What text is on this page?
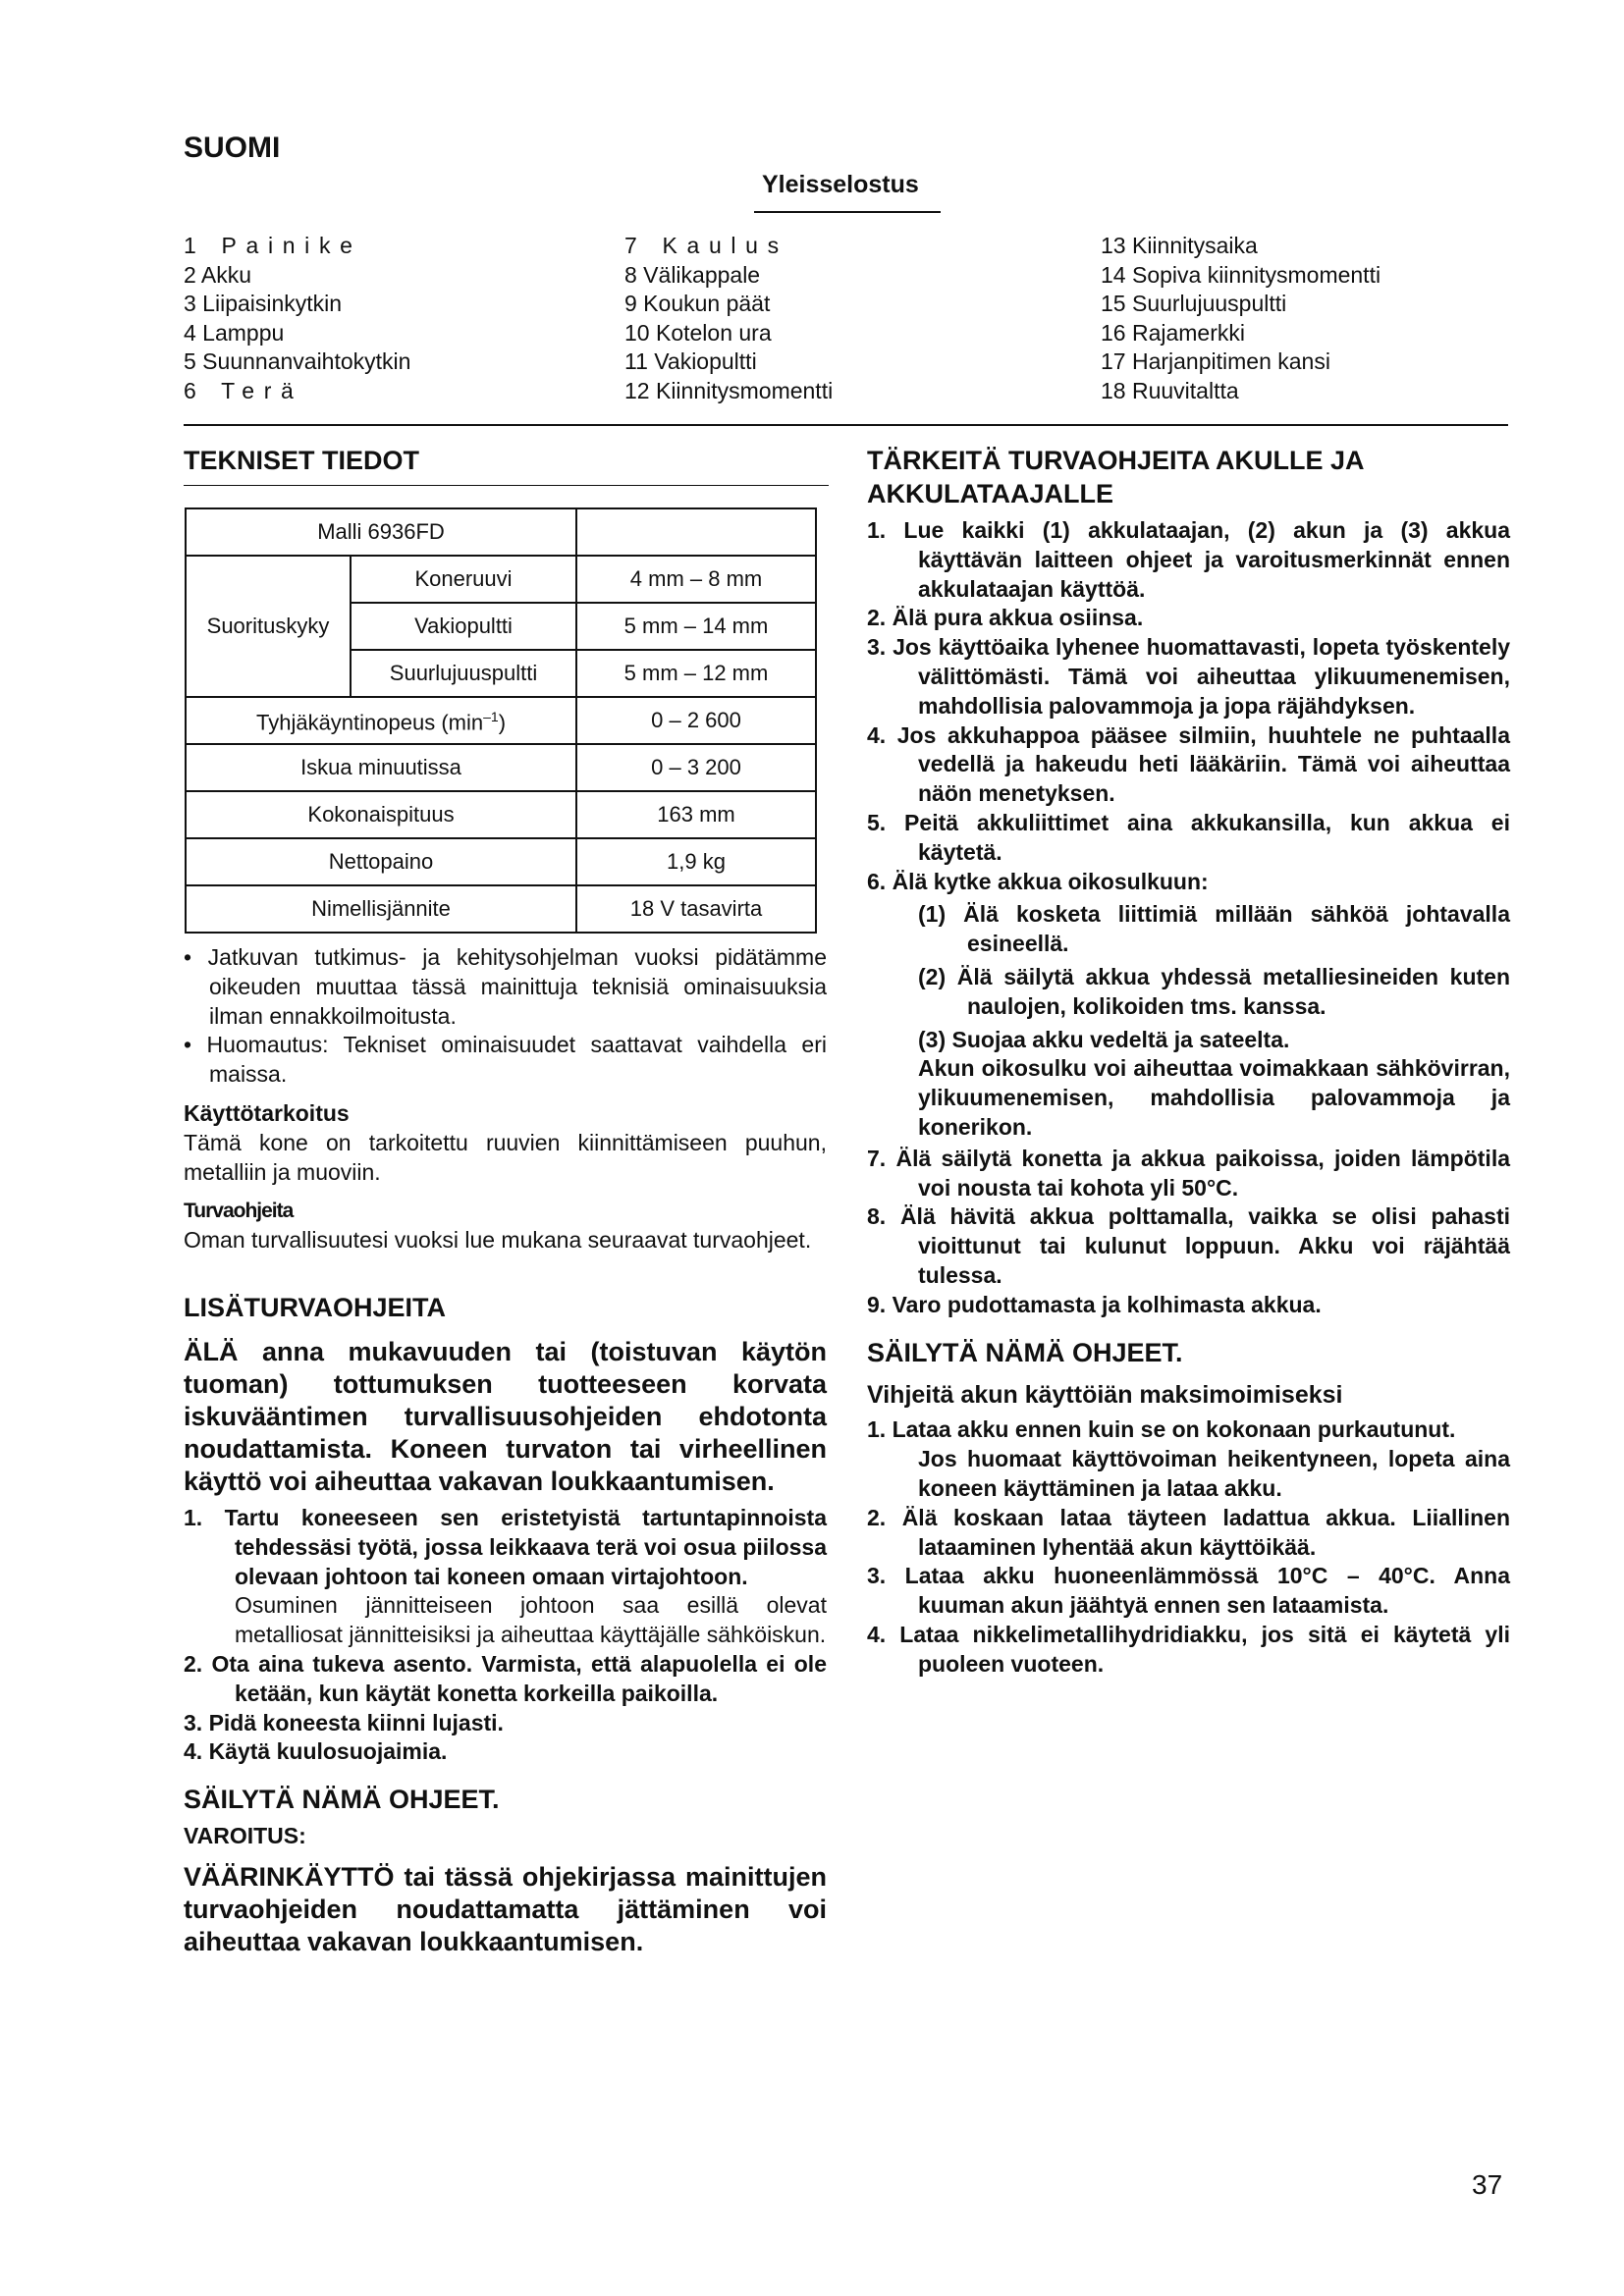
SUOMI
Yleisselostus
1 Painike
2 Akku
3 Liipaisinkytkin
4 Lamppu
5 Suunnanvaihtokytkin
6 Terä
7 Kaulus
8 Välikappale
9 Koukun päät
10 Kotelon ura
11 Vakiopultti
12 Kiinnitysmomentti
13 Kiinnitysaika
14 Sopiva kiinnitysmomentti
15 Suurlujuuspultti
16 Rajamerkki
17 Harjanpitimen kansi
18 Ruuvitaltta
TEKNISET TIEDOT
Malli 6936FD		
Suorituskyky	Koneruuvi	4 mm – 8 mm
	Vakiopultti	5 mm – 14 mm
	Suurlujuuspultti	5 mm – 12 mm
Tyhjäkäyntinopeus $(\min^{-1})$		0 – 2 600
Iskua minuutissa		0 – 3 200
Kokonaispituus		163 mm
Nettopaino		1,9 kg
Nimellisjännite		18 V tasavirta

• Jatkuvan tutkimus- ja kehitysohjelman vuoksi pidätämme oikeuden muuttaa tässä mainittuja teknisiä ominaisuuksia ilman ennakkoilmoitusta.

• Huomautus: Tekniset ominaisuudet saattavat vaihdella eri maissa.

Käyttötarkoitus

Tämä kone on tarkoitettu ruuvien kiinnittämiseen puuhun, metalliin ja muoviin.

Turvaohjeita

Oman turvallisuutesi vuoksi lue mukana seuraavat turvaohjeet.

LISÄTURVAOHJEITA

ÄLÄ anna mukavuuden tai (toistuvan käytön tuoman) tottumuksen tuotteeseen korvata iskuvääntimen turvallisuusohjeiden ehdotonta noudattamista. Koneen turvaton tai virheellinen käyttö voi aiheuttaa vakavan loukkaantumisen.

1. Tartu koneeseen sen eristetyistä tartuntapinnoista tehdessäsi työtä, jossa leikkaava terä voi osua piilossa olevaan johtoon tai koneen omaan virtajohtoon.

Osuminen jännitteiseen johtoon saa esillä olevat metalliosat jännitteisiksi ja aiheuttaa käyttäjälle sähköiskun.

2. Ota aina tukeva asento. Varmista, että alapuolella ei ole ketään, kun käytät konetta korkeilla paikoilla.
3. Pidä koneesta kiinni lujasti.
4. Käytä kuulosuojaimia.
SÄILYTÄ NÄMÄ OHJEET.

VAROITUS:

VÄÄRINKÄYTTÖ tai tässä ohjekirjassa mainittujen turvaohjeiden noudattamatta jättäminen voi aiheuttaa vakavan loukkaantumisen.

TÄRKEITÄ TURVAOHJEITA AKULLE JA AKKULATAAJALLE
1. Lue kaikki (1) akkulataajan, (2) akun ja (3) akkua käyttävän laitteen ohjeet ja varoitusmerkinnät ennen akkulataajan käyttöä.
2. Älä pura akkua osiinsa.
3. Jos käyttöaika lyhenee huomattavasti, lopeta työskentely välittömästi. Tämä voi aiheuttaa ylikuumenemisen, mahdollisia palovammoja ja jopa räjähdyksen.
4. Jos akkuhappoa pääsee silmiin, huuhtele ne puhtaalla vedellä ja hakeudu heti lääkäriin. Tämä voi aiheuttaa näön menetyksen.
5. Peitä akkuliittimet aina akkukansilla, kun akkua ei käytetä.
6. Älä kytke akkua oikosulkuun:

(1) Älä kosketa liittimiä millään sähköä johtavalla esineellä.

(2) Älä säilytä akkua yhdessä metalliesineiden kuten naulojen, kolikoiden tms. kanssa.

(3) Suojaa akku vedeltä ja sateelta.

Akun oikosulku voi aiheuttaa voimakkaan sähkövirran, ylikuumenemisen, mahdollisia palovammoja ja konerikon.

7. Älä säilytä konetta ja akkua paikoissa, joiden lämpötila voi nousta tai kohota yli 50°C.
8. Älä hävitä akkua polttamalla, vaikka se olisi pahasti vioittunut tai kulunut loppuun. Akku voi räjähtää tulessa.
9. Varo pudottamasta ja kolhimasta akkua.
SÄILYTÄ NÄMÄ OHJEET.

Vihjeitä akun käyttöiän maksimoimiseksi

1. Lataa akku ennen kuin se on kokonaan purkautunut.

Jos huomaat käyttövoiman heikentyneen, lopeta aina koneen käyttäminen ja lataa akku.

2. Älä koskaan lataa täyteen ladattua akkua. Liiallinen lataaminen lyhentää akun käyttöikää.
3. Lataa akku huoneenlämmössä 10°C – 40°C. Anna kuuman akun jäähtyä ennen sen lataamista.
4. Lataa nikkelimetallihydridiakku, jos sitä ei käytetä yli puoleen vuoteen.
37
